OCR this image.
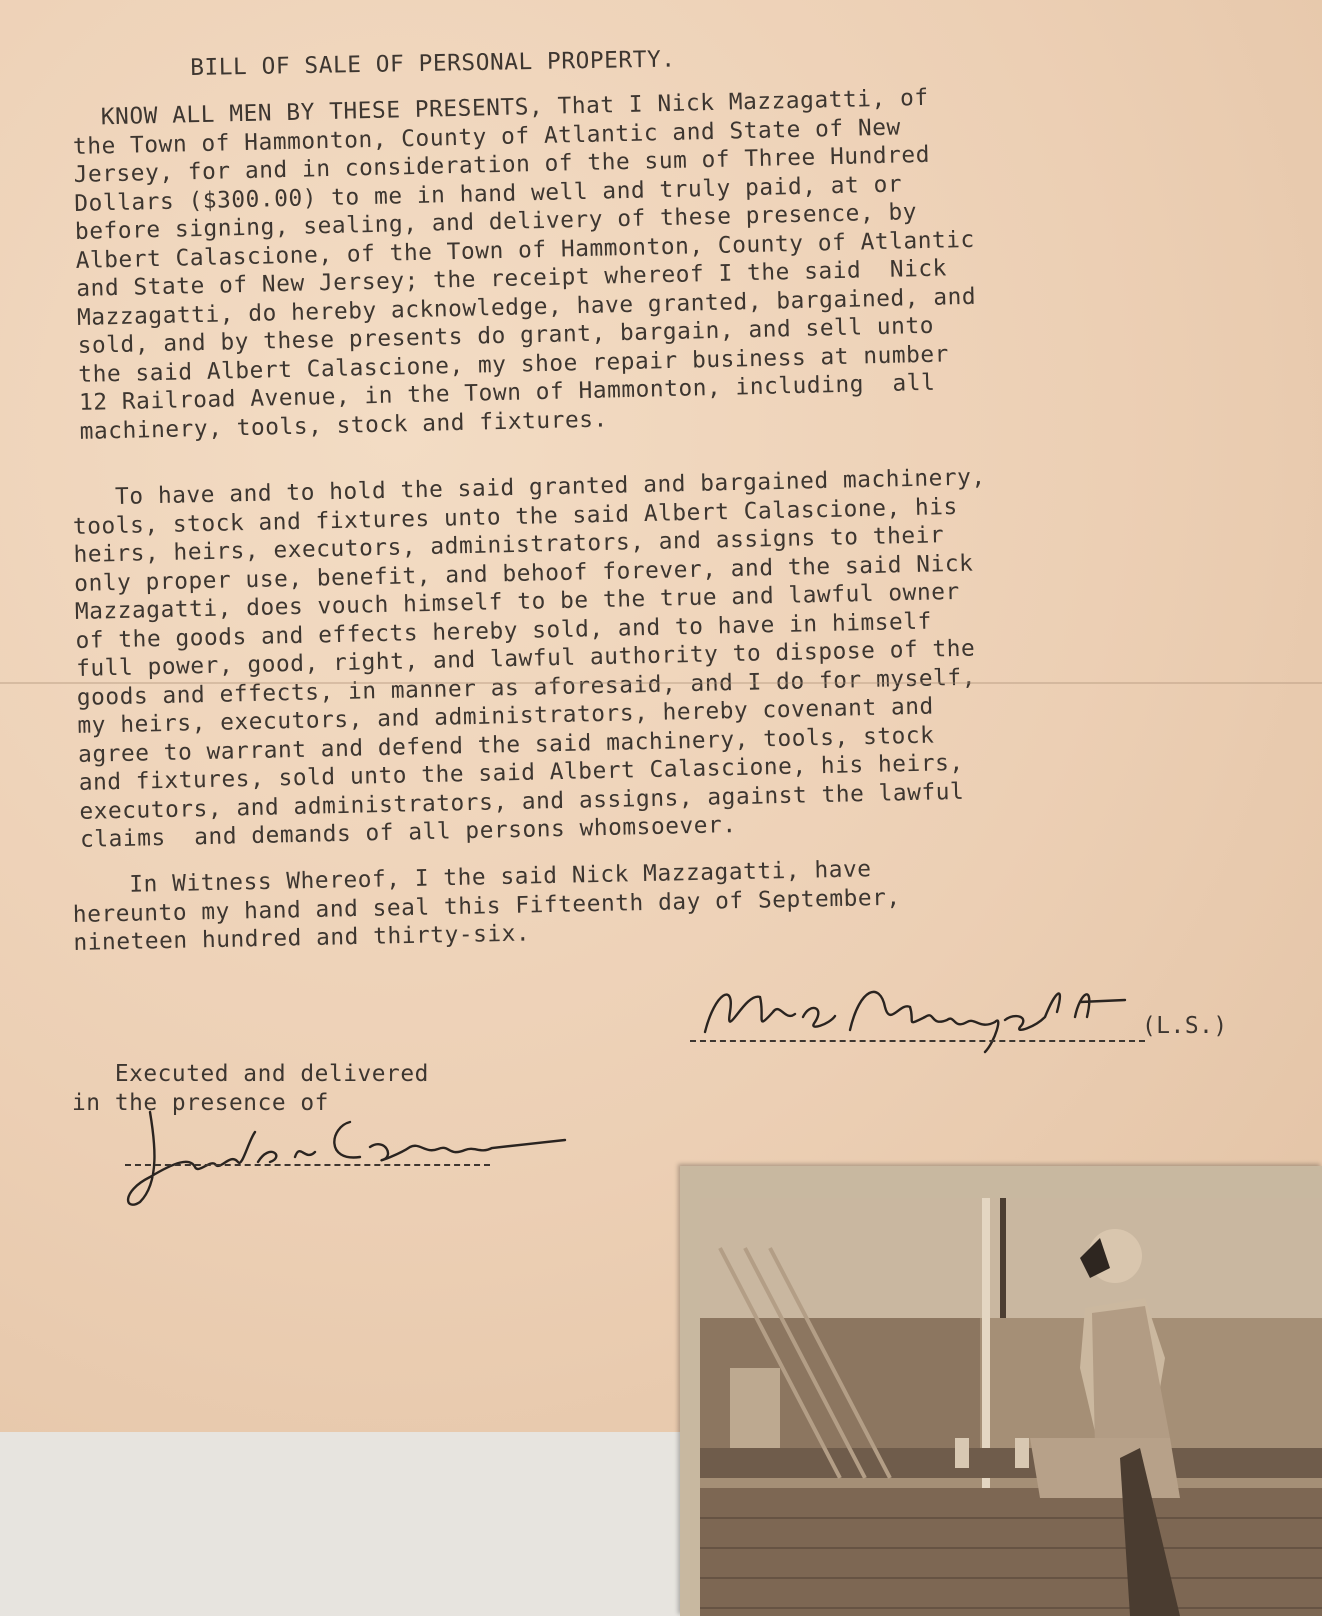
BILL OF SALE OF PERSONAL PROPERTY.
KNOW ALL MEN BY THESE PRESENTS, That I Nick Mazzagatti, of
the Town of Hammonton, County of Atlantic and State of New
Jersey, for and in consideration of the sum of Three Hundred
Dollars ($300.00) to me in hand well and truly paid, at or
before signing, sealing, and delivery of these presence, by
Albert Calascione, of the Town of Hammonton, County of Atlantic
and State of New Jersey; the receipt whereof I the said  Nick
Mazzagatti, do hereby acknowledge, have granted, bargained, and
sold, and by these presents do grant, bargain, and sell unto
the said Albert Calascione, my shoe repair business at number
12 Railroad Avenue, in the Town of Hammonton, including  all
machinery, tools, stock and fixtures.
To have and to hold the said granted and bargained machinery,
tools, stock and fixtures unto the said Albert Calascione, his
heirs, heirs, executors, administrators, and assigns to their
only proper use, benefit, and behoof forever, and the said Nick
Mazzagatti, does vouch himself to be the true and lawful owner
of the goods and effects hereby sold, and to have in himself
full power, good, right, and lawful authority to dispose of the
goods and effects, in manner as aforesaid, and I do for myself,
my heirs, executors, and administrators, hereby covenant and
agree to warrant and defend the said machinery, tools, stock
and fixtures, sold unto the said Albert Calascione, his heirs,
executors, and administrators, and assigns, against the lawful
claims  and demands of all persons whomsoever.
In Witness Whereof, I the said Nick Mazzagatti, have
hereunto my hand and seal this Fifteenth day of September,
nineteen hundred and thirty-six.
(L.S.)
Executed and delivered
in the presence of
